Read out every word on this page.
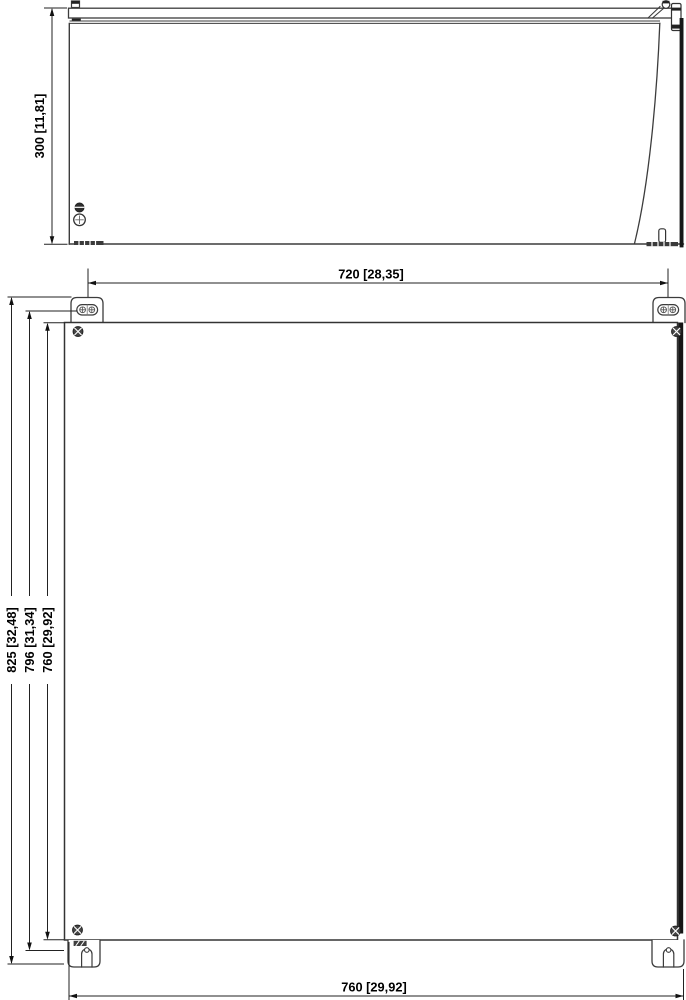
300 [11,81]
720 [28,35]
760 [29,92]
825 [32,48] 796 [31,34] 760 [29,92]
